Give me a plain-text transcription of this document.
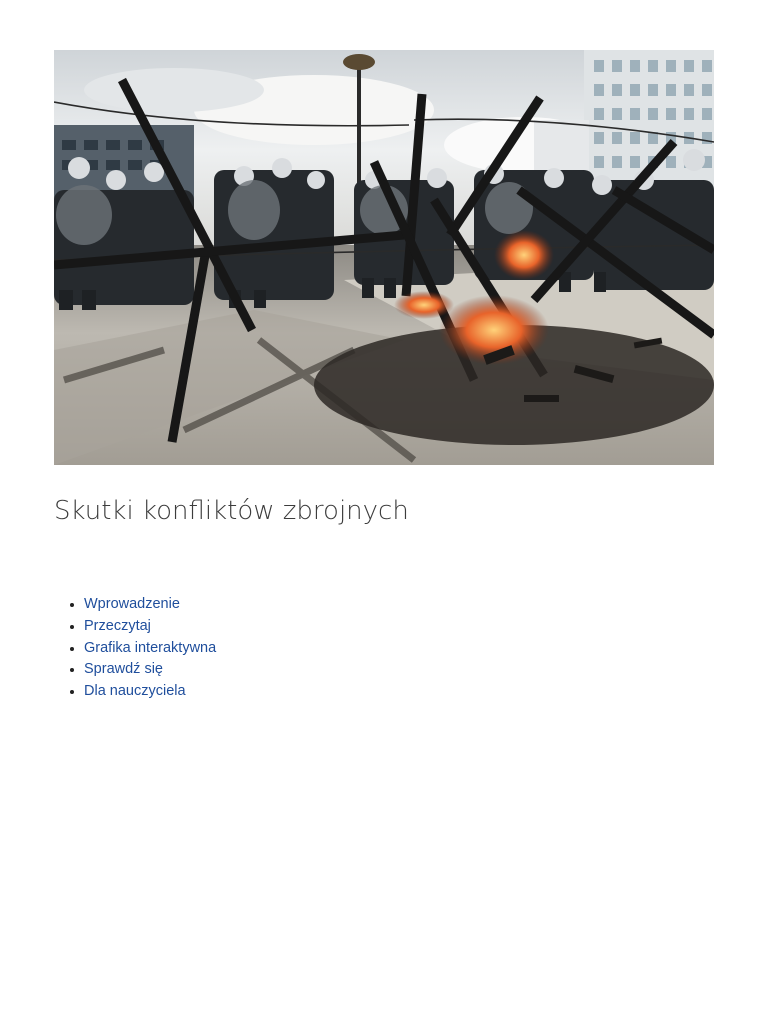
Skutki konfliktów zbrojnych
Wprowadzenie
Przeczytaj
Grafika interaktywna
Sprawdź się
Dla nauczyciela
